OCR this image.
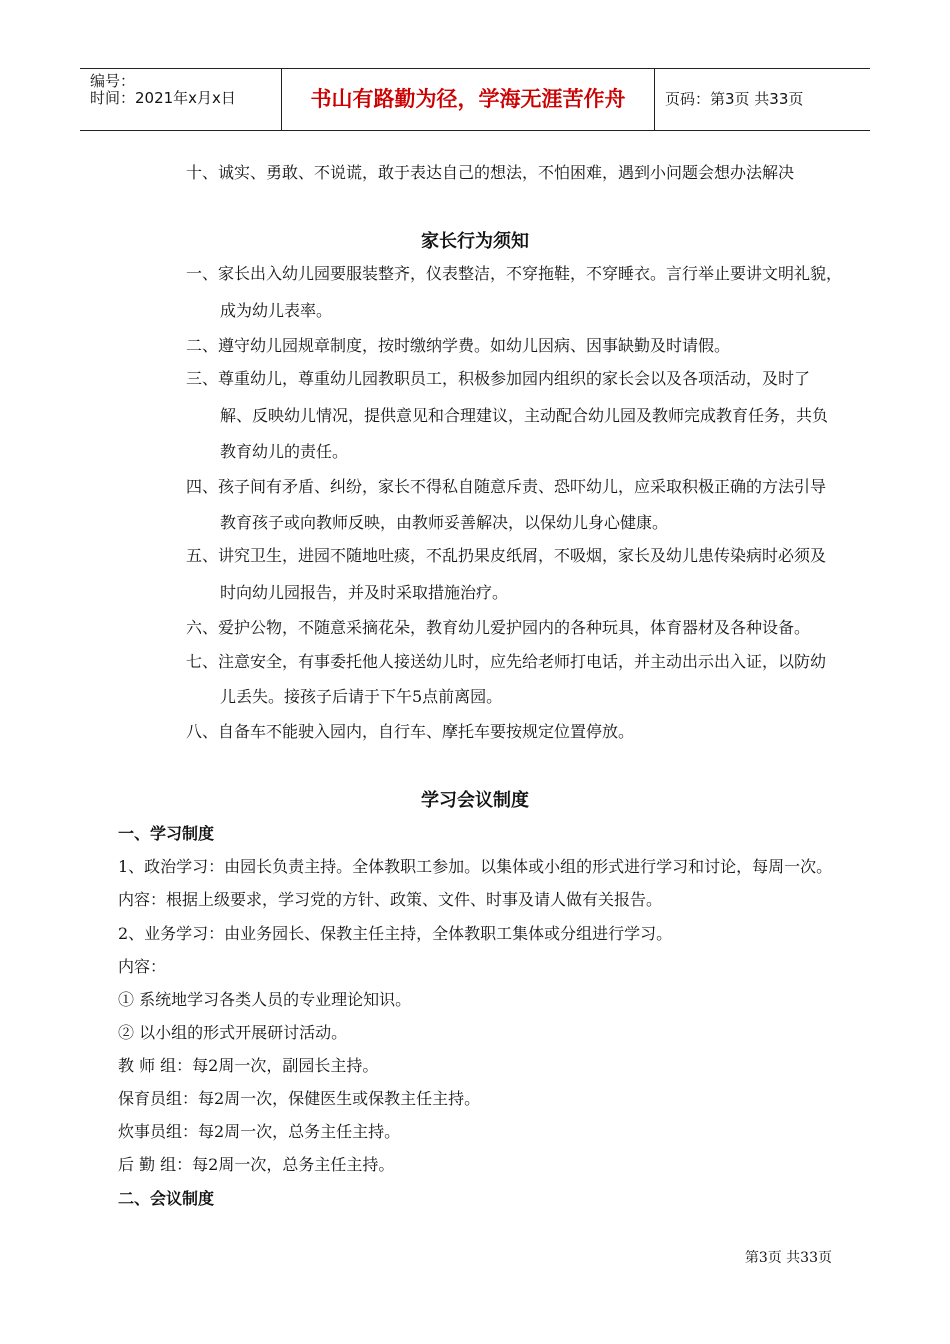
编号：
时间：2021年x月x日	书山有路勤为径，学海无涯苦作舟	页码：第3页 共33页
十、诚实、勇敢、不说谎，敢于表达自己的想法，不怕困难，遇到小问题会想办法解决
家长行为须知
一、家长出入幼儿园要服装整齐，仪表整洁，不穿拖鞋，不穿睡衣。言行举止要讲文明礼貌，
成为幼儿表率。
二、遵守幼儿园规章制度，按时缴纳学费。如幼儿因病、因事缺勤及时请假。
三、尊重幼儿，尊重幼儿园教职员工，积极参加园内组织的家长会以及各项活动，及时了
解、反映幼儿情况，提供意见和合理建议，主动配合幼儿园及教师完成教育任务，共负
教育幼儿的责任。
四、孩子间有矛盾、纠纷，家长不得私自随意斥责、恐吓幼儿，应采取积极正确的方法引导
教育孩子或向教师反映，由教师妥善解决，以保幼儿身心健康。
五、讲究卫生，进园不随地吐痰，不乱扔果皮纸屑，不吸烟，家长及幼儿患传染病时必须及
时向幼儿园报告，并及时采取措施治疗。
六、爱护公物，不随意采摘花朵，教育幼儿爱护园内的各种玩具，体育器材及各种设备。
七、注意安全，有事委托他人接送幼儿时，应先给老师打电话，并主动出示出入证，以防幼
儿丢失。接孩子后请于下午5点前离园。
八、自备车不能驶入园内，自行车、摩托车要按规定位置停放。
学习会议制度
一、学习制度
1、政治学习：由园长负责主持。全体教职工参加。以集体或小组的形式进行学习和讨论，每周一次。
内容：根据上级要求，学习党的方针、政策、文件、时事及请人做有关报告。
2、业务学习：由业务园长、保教主任主持，全体教职工集体或分组进行学习。
内容：
① 系统地学习各类人员的专业理论知识。
② 以小组的形式开展研讨活动。
教 师 组：每2周一次，副园长主持。
保育员组：每2周一次，保健医生或保教主任主持。
炊事员组：每2周一次，总务主任主持。
后 勤 组：每2周一次，总务主任主持。
二、会议制度
第3页 共33页
